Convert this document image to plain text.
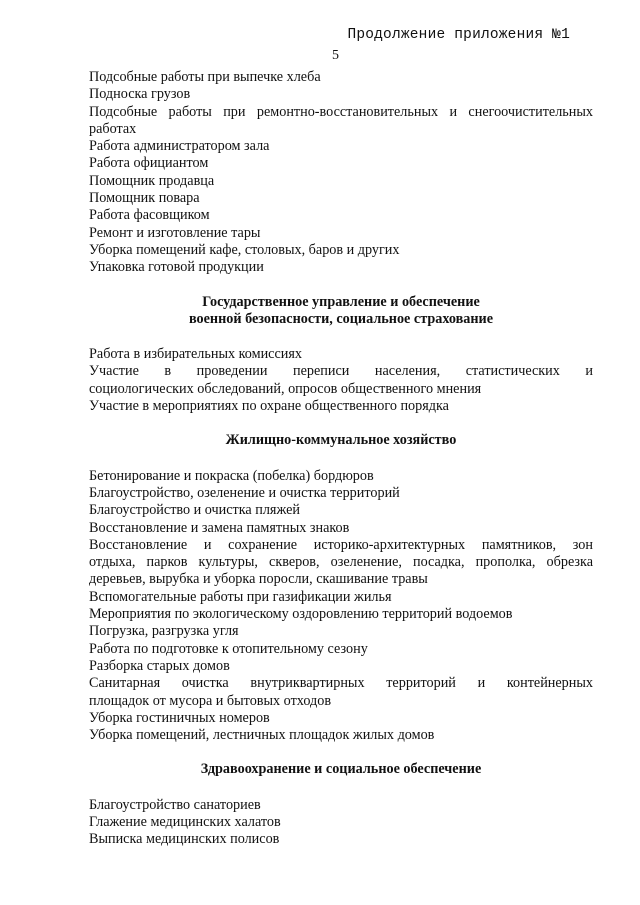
Продолжение приложения №1
5
Подсобные работы при выпечке хлеба
Подноска грузов
Подсобные работы при ремонтно-восстановительных и снегоочистительных
работах
Работа администратором зала
Работа официантом
Помощник продавца
Помощник повара
Работа фасовщиком
Ремонт и изготовление тары
Уборка помещений кафе, столовых, баров и других
Упаковка готовой продукции
Государственное управление и обеспечение
военной безопасности, социальное страхование
Работа в избирательных комиссиях
Участие в проведении переписи населения, статистических и
социологических обследований, опросов общественного мнения
Участие в мероприятиях по охране общественного порядка
Жилищно-коммунальное хозяйство
Бетонирование и покраска (побелка) бордюров
Благоустройство, озеленение и очистка территорий
Благоустройство и очистка пляжей
Восстановление и замена памятных знаков
Восстановление и сохранение историко-архитектурных памятников, зон
отдыха, парков культуры, скверов, озеленение, посадка, прополка, обрезка
деревьев, вырубка и уборка поросли, скашивание травы
Вспомогательные работы при газификации жилья
Мероприятия по экологическому оздоровлению территорий водоемов
Погрузка, разгрузка угля
Работа по подготовке к отопительному сезону
Разборка старых домов
Санитарная очистка внутриквартирных территорий и контейнерных
площадок от мусора и бытовых отходов
Уборка гостиничных номеров
Уборка помещений, лестничных площадок жилых домов
Здравоохранение и социальное обеспечение
Благоустройство санаториев
Глажение медицинских халатов
Выписка медицинских полисов
